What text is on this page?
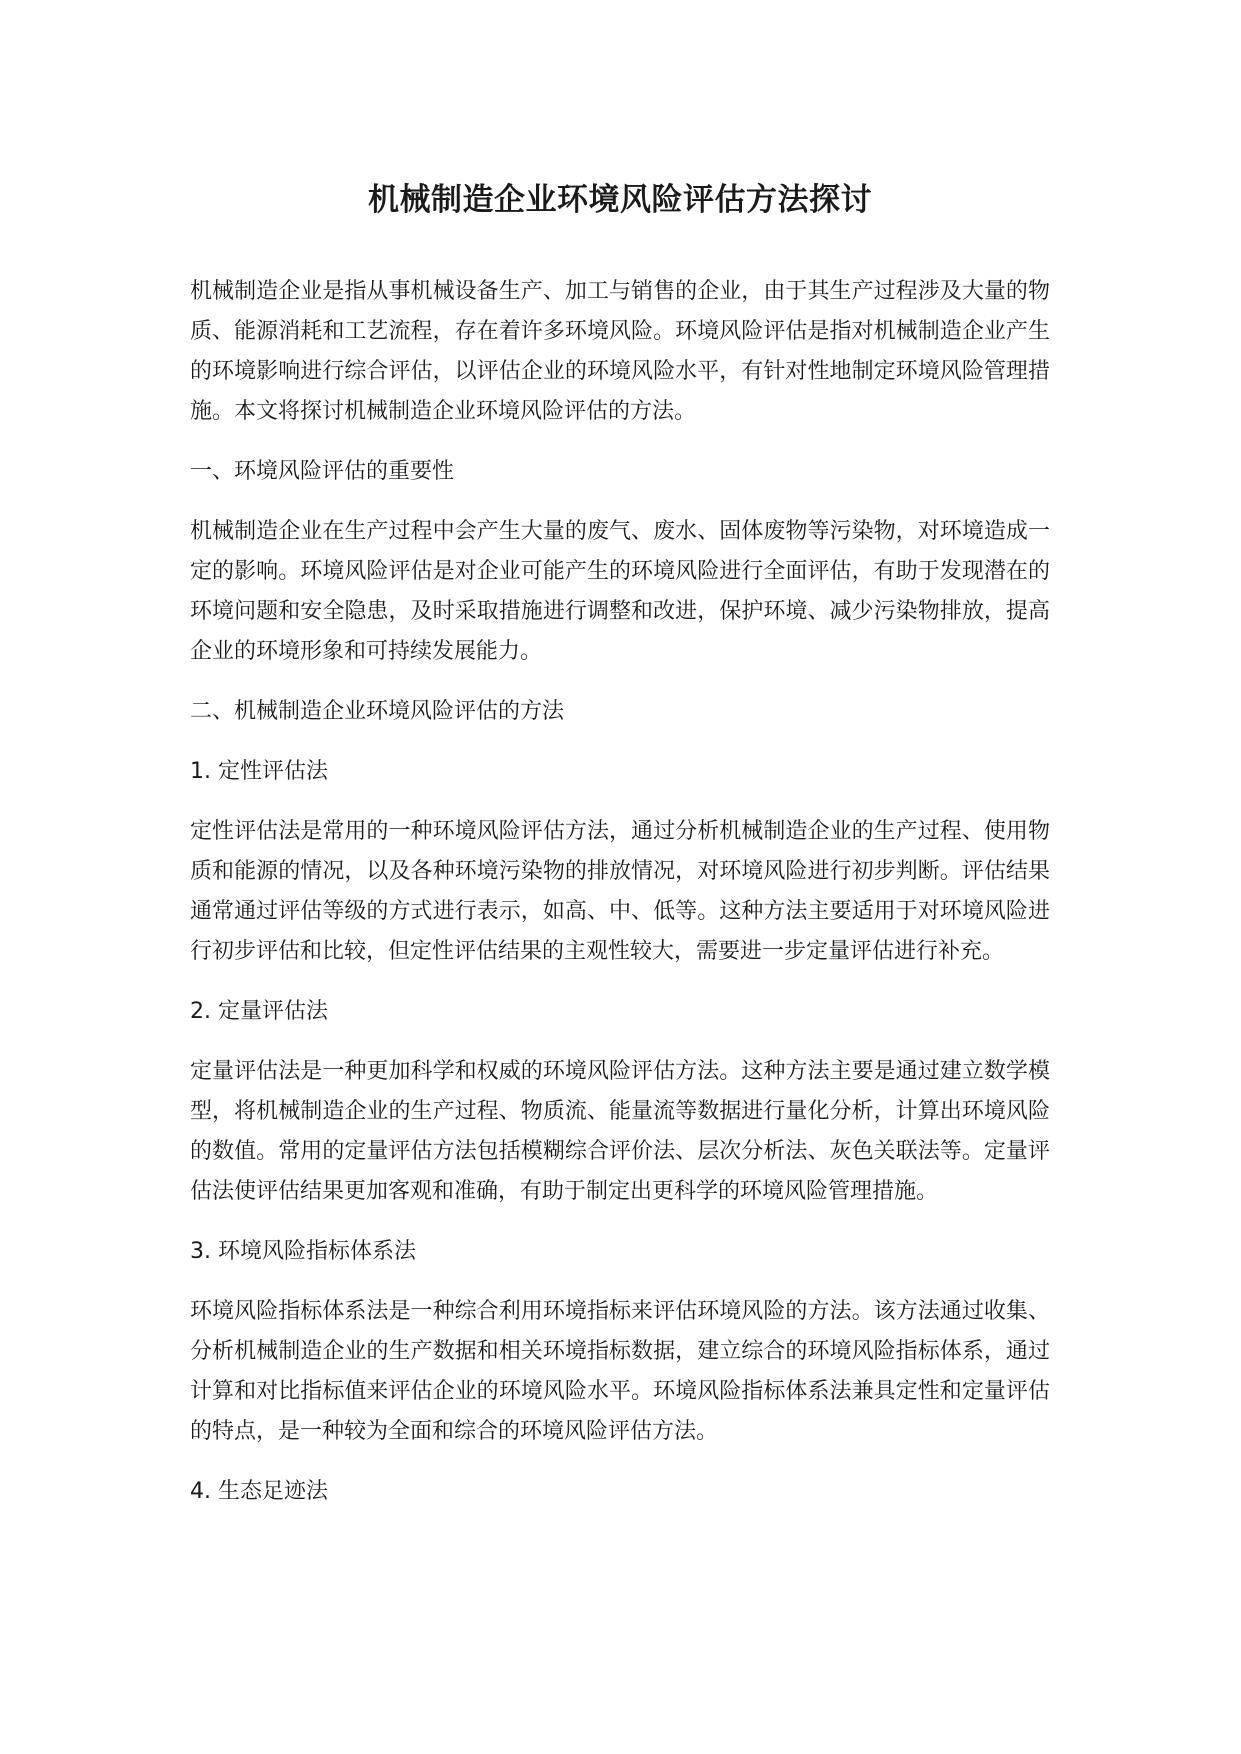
机械制造企业环境风险评估方法探讨

机械制造企业是指从事机械设备生产、加工与销售的企业，由于其生产过程涉及大量的物质、能源消耗和工艺流程，存在着许多环境风险。环境风险评估是指对机械制造企业产生的环境影响进行综合评估，以评估企业的环境风险水平，有针对性地制定环境风险管理措施。本文将探讨机械制造企业环境风险评估的方法。

一、环境风险评估的重要性

机械制造企业在生产过程中会产生大量的废气、废水、固体废物等污染物，对环境造成一定的影响。环境风险评估是对企业可能产生的环境风险进行全面评估，有助于发现潜在的环境问题和安全隐患，及时采取措施进行调整和改进，保护环境、减少污染物排放，提高企业的环境形象和可持续发展能力。

二、机械制造企业环境风险评估的方法

1. 定性评估法

定性评估法是常用的一种环境风险评估方法，通过分析机械制造企业的生产过程、使用物质和能源的情况，以及各种环境污染物的排放情况，对环境风险进行初步判断。评估结果通常通过评估等级的方式进行表示，如高、中、低等。这种方法主要适用于对环境风险进行初步评估和比较，但定性评估结果的主观性较大，需要进一步定量评估进行补充。

2. 定量评估法

定量评估法是一种更加科学和权威的环境风险评估方法。这种方法主要是通过建立数学模型，将机械制造企业的生产过程、物质流、能量流等数据进行量化分析，计算出环境风险的数值。常用的定量评估方法包括模糊综合评价法、层次分析法、灰色关联法等。定量评估法使评估结果更加客观和准确，有助于制定出更科学的环境风险管理措施。

3. 环境风险指标体系法

环境风险指标体系法是一种综合利用环境指标来评估环境风险的方法。该方法通过收集、分析机械制造企业的生产数据和相关环境指标数据，建立综合的环境风险指标体系，通过计算和对比指标值来评估企业的环境风险水平。环境风险指标体系法兼具定性和定量评估的特点，是一种较为全面和综合的环境风险评估方法。

4. 生态足迹法
